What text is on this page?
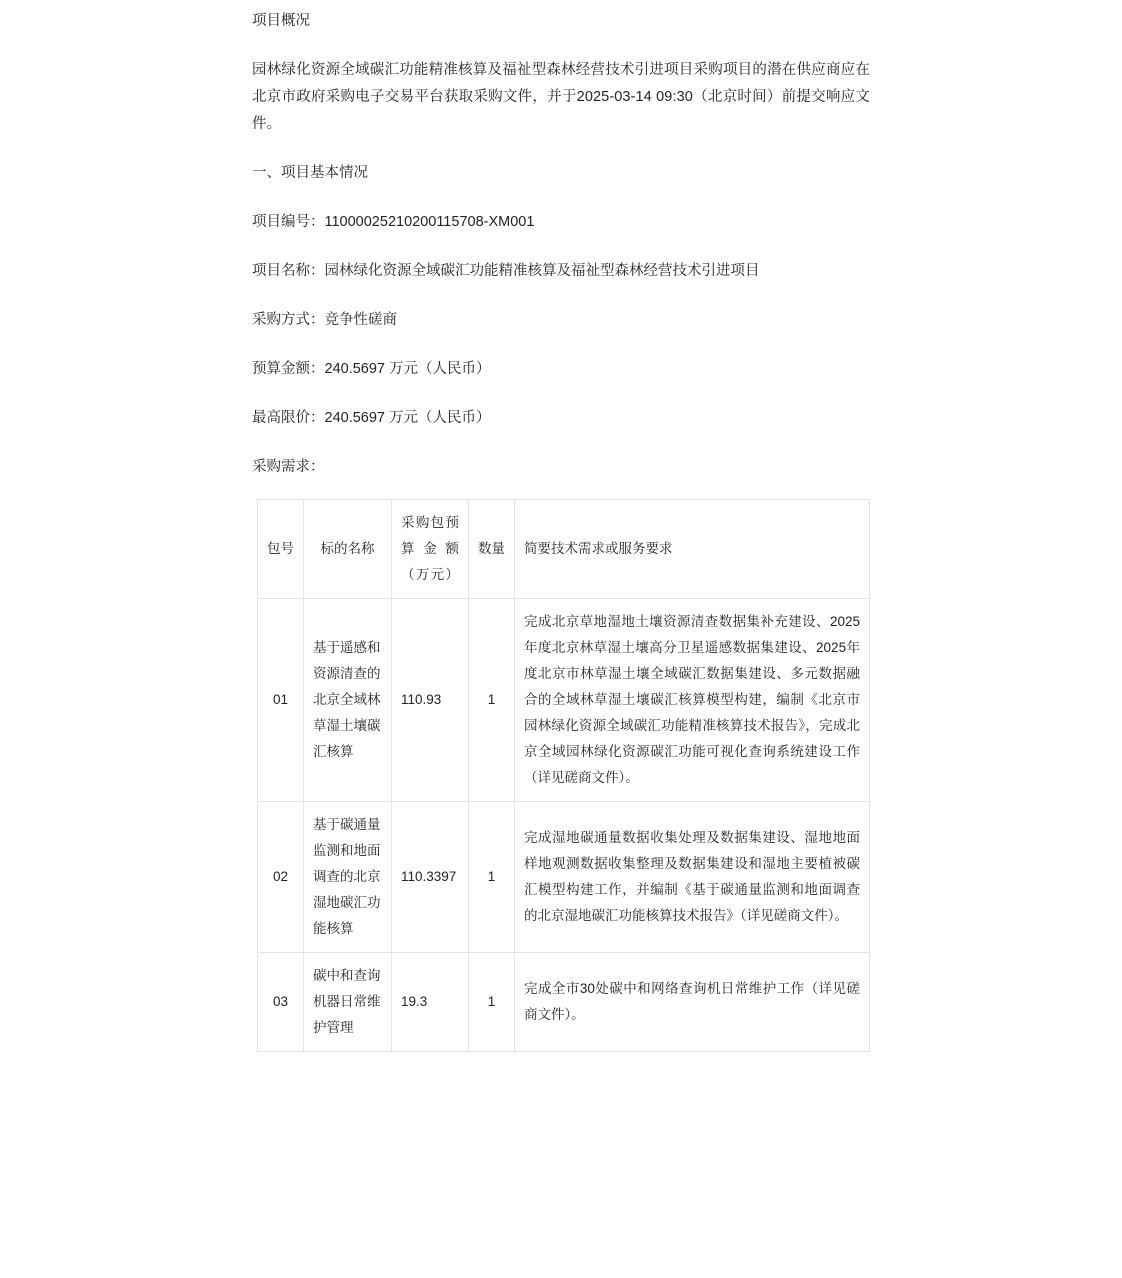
项目概况
园林绿化资源全域碳汇功能精准核算及福祉型森林经营技术引进项目采购项目的潜在供应商应在北京市政府采购电子交易平台获取采购文件，并于2025-03-14 09:30（北京时间）前提交响应文件。
一、项目基本情况
项目编号：11000025210200115708-XM001
项目名称：园林绿化资源全域碳汇功能精准核算及福祉型森林经营技术引进项目
采购方式：竞争性磋商
预算金额：240.5697 万元（人民币）
最高限价：240.5697 万元（人民币）
采购需求：
包号	标的名称	采购包预算金额（万元）	数量	简要技术需求或服务要求
01	基于遥感和资源清查的北京全域林草湿土壤碳汇核算	110.93	1	完成北京草地湿地土壤资源清查数据集补充建设、2025年度北京林草湿土壤高分卫星遥感数据集建设、2025年度北京市林草湿土壤全域碳汇数据集建设、多元数据融合的全域林草湿土壤碳汇核算模型构建，编制《北京市园林绿化资源全域碳汇功能精准核算技术报告》，完成北京全域园林绿化资源碳汇功能可视化查询系统建设工作（详见磋商文件）。
02	基于碳通量监测和地面调查的北京湿地碳汇功能核算	110.3397	1	完成湿地碳通量数据收集处理及数据集建设、湿地地面样地观测数据收集整理及数据集建设和湿地主要植被碳汇模型构建工作，并编制《基于碳通量监测和地面调查的北京湿地碳汇功能核算技术报告》（详见磋商文件）。
03	碳中和查询机器日常维护管理	19.3	1	完成全市30处碳中和网络查询机日常维护工作（详见磋商文件）。
